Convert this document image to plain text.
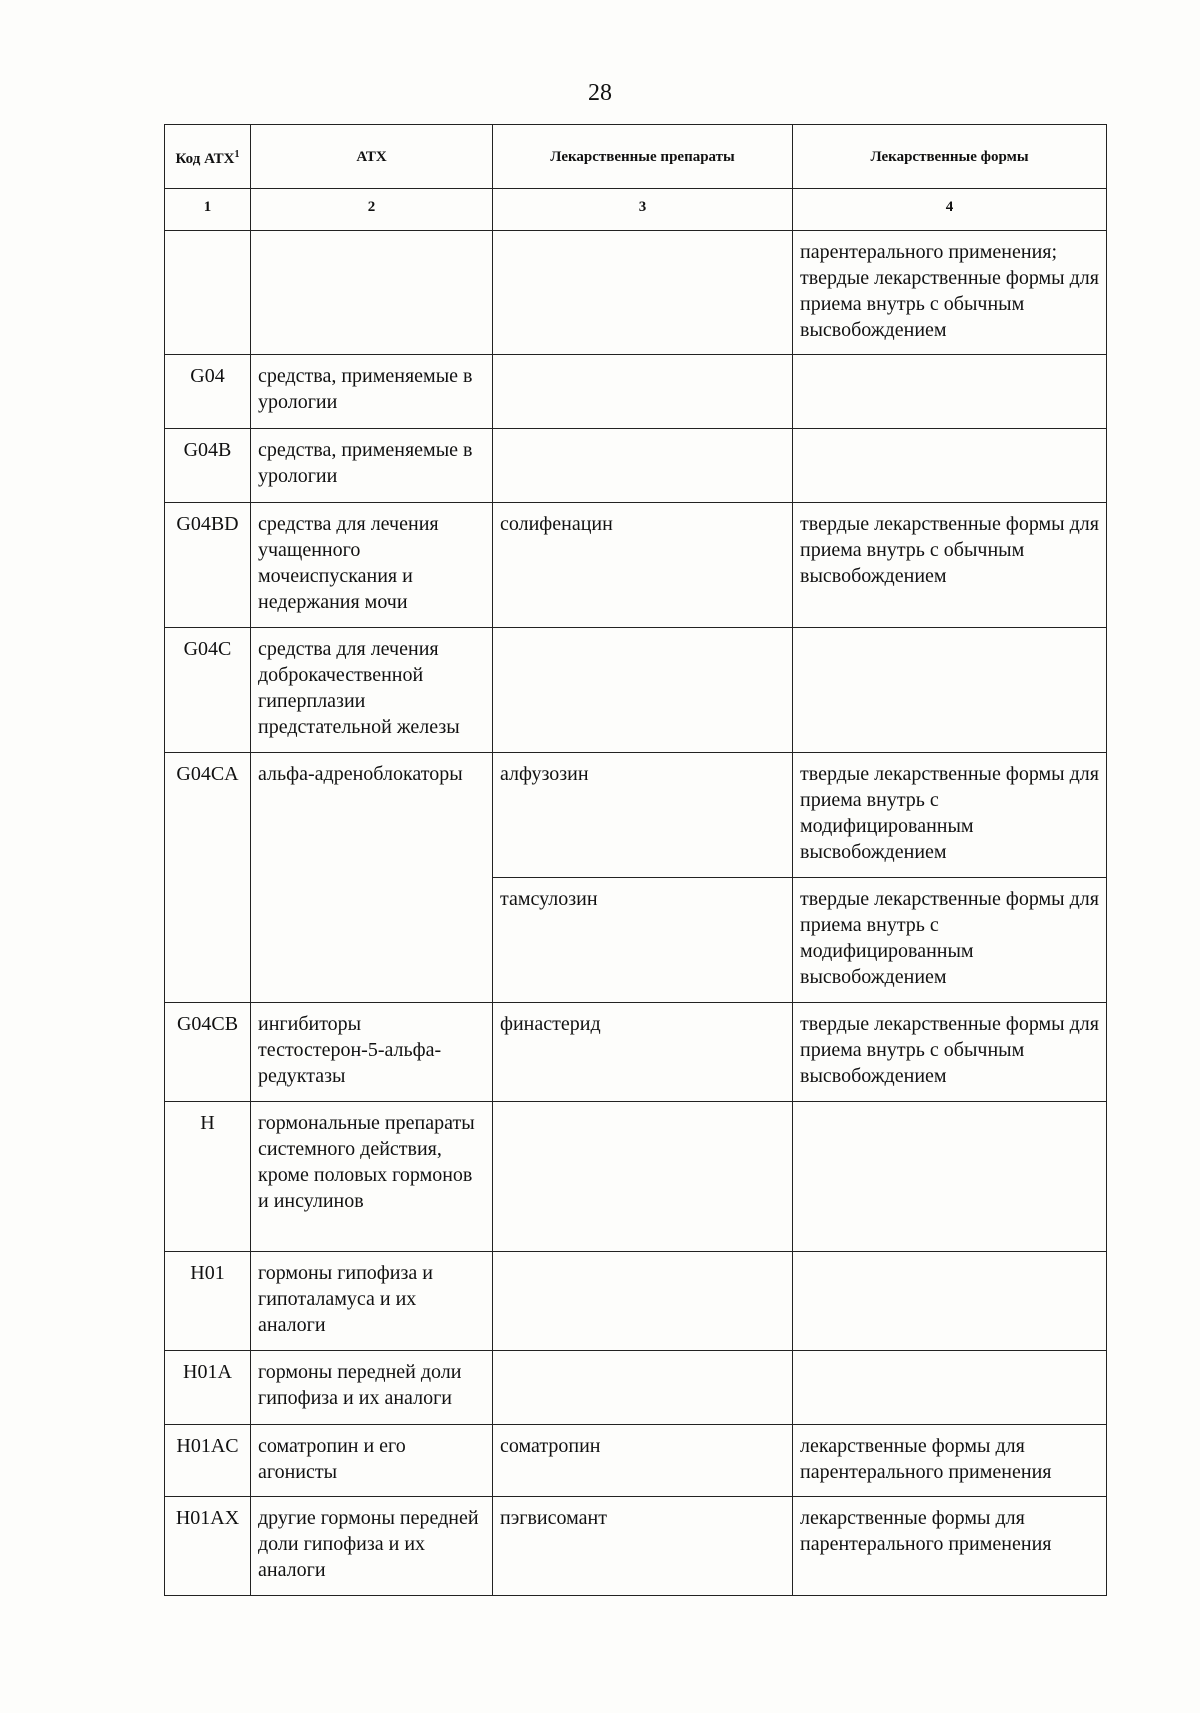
28
Код АТХ$^1$	АТХ	Лекарственные препараты	Лекарственные формы
1	2	3	4
			парентерального применения; твердые лекарственные формы для приема внутрь с обычным высвобождением
G04	средства, применяемые в урологии		
G04B	средства, применяемые в урологии		
G04BD	средства для лечения учащенного мочеиспускания и недержания мочи	солифенацин	твердые лекарственные формы для приема внутрь с обычным высвобождением
G04C	средства для лечения доброкачественной гиперплазии предстательной железы		
G04CA	альфа-адреноблокаторы	алфузозин	твердые лекарственные формы для приема внутрь с модифицированным высвобождением
		тамсулозин	твердые лекарственные формы для приема внутрь с модифицированным высвобождением
G04CB	ингибиторы тестостерон-5-альфа-редуктазы	финастерид	твердые лекарственные формы для приема внутрь с обычным высвобождением
H	гормональные препараты системного действия, кроме половых гормонов и инсулинов		
H01	гормоны гипофиза и гипоталамуса и их аналоги		
H01A	гормоны передней доли гипофиза и их аналоги		
H01AC	соматропин и его агонисты	соматропин	лекарственные формы для парентерального применения
H01AX	другие гормоны передней доли гипофиза и их аналоги	пэгвисомант	лекарственные формы для парентерального применения
